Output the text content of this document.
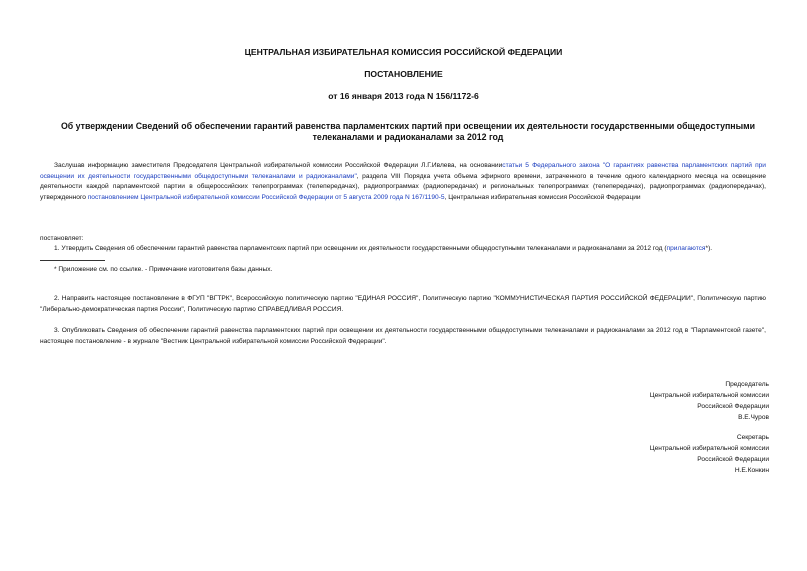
ЦЕНТРАЛЬНАЯ ИЗБИРАТЕЛЬНАЯ КОМИССИЯ РОССИЙСКОЙ ФЕДЕРАЦИИ
ПОСТАНОВЛЕНИЕ
от 16 января 2013 года N 156/1172-6
Об утверждении Сведений об обеспечении гарантий равенства парламентских партий при освещении их деятельности государственными общедоступными телеканалами и радиоканалами за 2012 год
Заслушав информацию заместителя Председателя Центральной избирательной комиссии Российской Федерации Л.Г.Ивлева, на основаниистатьи 5 Федерального закона "О гарантиях равенства парламентских партий при освещении их деятельности государственными общедоступными телеканалами и радиоканалами", раздела VIII Порядка учета объема эфирного времени, затраченного в течение одного календарного месяца на освещение деятельности каждой парламентской партии в общероссийских телепрограммах (телепередачах), радиопрограммах (радиопередачах) и региональных телепрограммах (телепередачах), радиопрограммах (радиопередачах), утвержденного постановлением Центральной избирательной комиссии Российской Федерации от 5 августа 2009 года N 167/1190-5, Центральная избирательная комиссия Российской Федерации
постановляет:
1. Утвердить Сведения об обеспечении гарантий равенства парламентских партий при освещении их деятельности государственными общедоступными телеканалами и радиоканалами за 2012 год (прилагаются*).
* Приложение см. по ссылке. - Примечание изготовителя базы данных.
2. Направить настоящее постановление в ФГУП "ВГТРК", Всероссийскую политическую партию "ЕДИНАЯ РОССИЯ", Политическую партию "КОММУНИСТИЧЕСКАЯ ПАРТИЯ РОССИЙСКОЙ ФЕДЕРАЦИИ", Политическую партию "Либерально-демократическая партия России", Политическую партию СПРАВЕДЛИВАЯ РОССИЯ.
3. Опубликовать Сведения об обеспечении гарантий равенства парламентских партий при освещении их деятельности государственными общедоступными телеканалами и радиоканалами за 2012 год в "Парламентской газете", настоящее постановление - в журнале "Вестник Центральной избирательной комиссии Российской Федерации".
Председатель
Центральной избирательной комиссии
Российской Федерации
В.Е.Чуров
Секретарь
Центральной избирательной комиссии
Российской Федерации
Н.Е.Конкин
